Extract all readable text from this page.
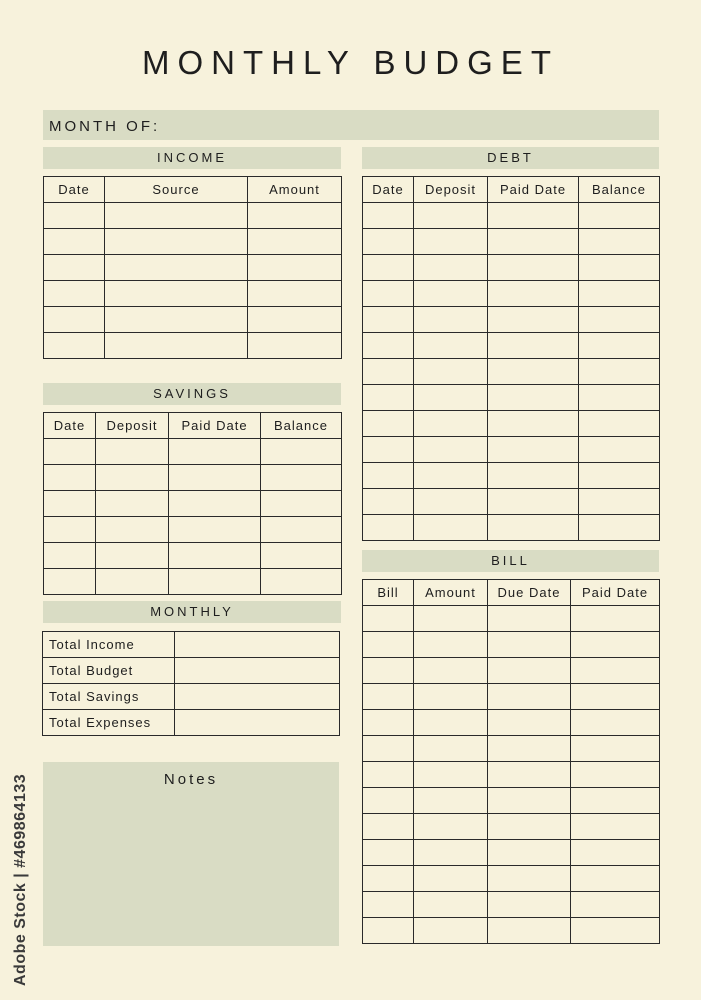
MONTHLY BUDGET
MONTH OF:
INCOME
Date	Source	Amount

SAVINGS
Date	Deposit	Paid Date	Balance

MONTHLY
Total Income	
Total Budget	
Total Savings	
Total Expenses	
Notes
DEBT
Date	Deposit	Paid Date	Balance

BILL
Bill	Amount	Due Date	Paid Date

Adobe Stock | #469864133
